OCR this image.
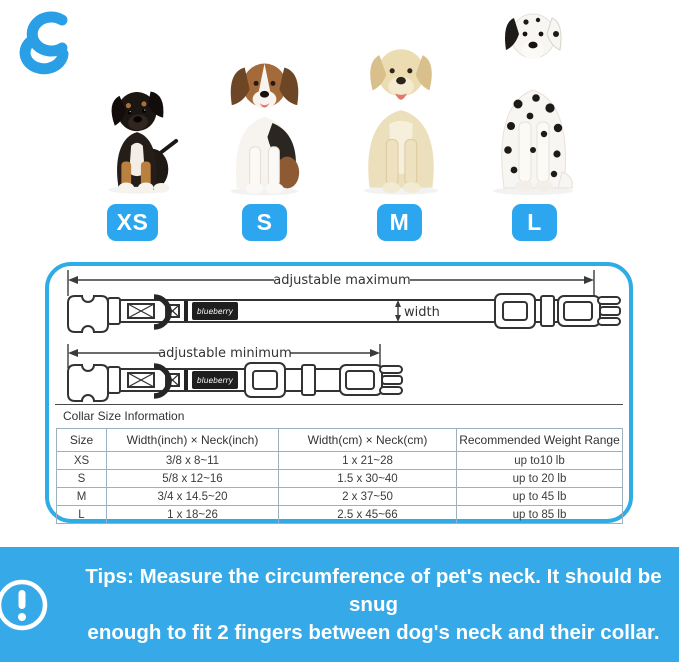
XS	S	M	L
adjustable maximum
blueberry	width
adjustable minimum
blueberry
Collar Size Information
Size	Width(inch) × Neck(inch)	Width(cm) × Neck(cm)	Recommended Weight Range
XS	3/8 x 8~11	1 x 21~28	up to10 lb
S	5/8 x 12~16	1.5 x 30~40	up to 20 lb
M	3/4 x 14.5~20	2 x 37~50	up to 45 lb
L	1 x 18~26	2.5 x 45~66	up to 85 lb
Tips: Measure the circumference of pet's neck. It should be snug
enough to fit 2 fingers between dog's neck and their collar.
